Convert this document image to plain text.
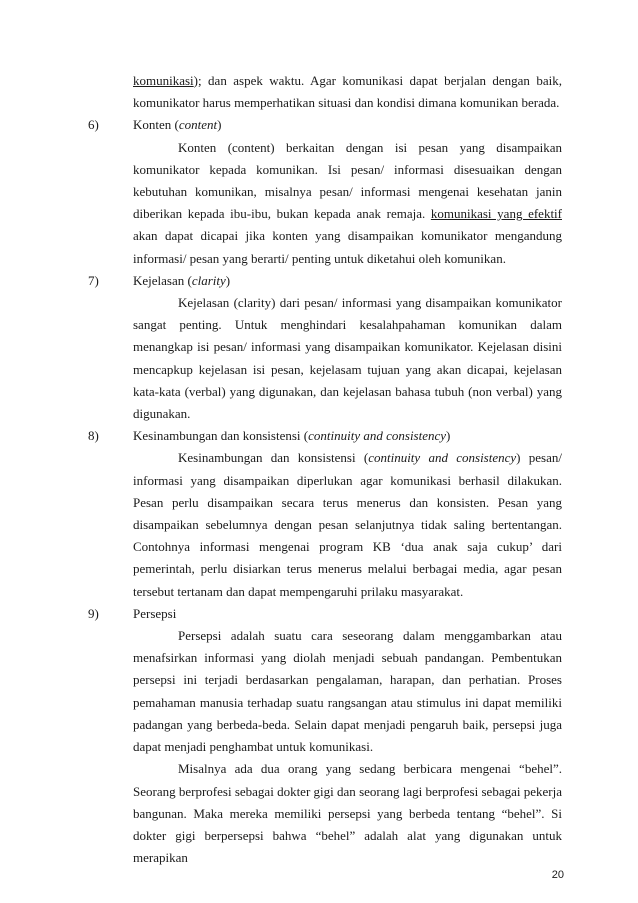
komunikasi); dan aspek waktu. Agar komunikasi dapat berjalan dengan baik, komunikator harus memperhatikan situasi dan kondisi dimana komunikan berada.

6)	Konten (content)

Konten (content) berkaitan dengan isi pesan yang disampaikan komunikator kepada komunikan. Isi pesan/ informasi disesuaikan dengan kebutuhan komunikan, misalnya pesan/ informasi mengenai kesehatan janin diberikan kepada ibu-ibu, bukan kepada anak remaja. komunikasi yang efektif akan dapat dicapai jika konten yang disampaikan komunikator mengandung informasi/ pesan yang berarti/ penting untuk diketahui oleh komunikan.

7)	Kejelasan (clarity)

Kejelasan (clarity) dari pesan/ informasi yang disampaikan komunikator sangat penting. Untuk menghindari kesalahpahaman komunikan dalam menangkap isi pesan/ informasi yang disampaikan komunikator. Kejelasan disini mencapkup kejelasan isi pesan, kejelasam tujuan yang akan dicapai, kejelasan kata-kata (verbal) yang digunakan, dan kejelasan bahasa tubuh (non verbal) yang digunakan.

8)	Kesinambungan dan konsistensi (continuity and consistency)

Kesinambungan dan konsistensi (continuity and consistency) pesan/ informasi yang disampaikan diperlukan agar komunikasi berhasil dilakukan. Pesan perlu disampaikan secara terus menerus dan konsisten. Pesan yang disampaikan sebelumnya dengan pesan selanjutnya tidak saling bertentangan. Contohnya informasi mengenai program KB ‘dua anak saja cukup’ dari pemerintah, perlu disiarkan terus menerus melalui berbagai media, agar pesan tersebut tertanam dan dapat mempengaruhi prilaku masyarakat.

9)	Persepsi

Persepsi adalah suatu cara seseorang dalam menggambarkan atau menafsirkan informasi yang diolah menjadi sebuah pandangan. Pembentukan persepsi ini terjadi berdasarkan pengalaman, harapan, dan perhatian. Proses pemahaman manusia terhadap suatu rangsangan atau stimulus ini dapat memiliki padangan yang berbeda-beda. Selain dapat menjadi pengaruh baik, persepsi juga dapat menjadi penghambat untuk komunikasi.

Misalnya ada dua orang yang sedang berbicara mengenai “behel”. Seorang berprofesi sebagai dokter gigi dan seorang lagi berprofesi sebagai pekerja bangunan. Maka mereka memiliki persepsi yang berbeda tentang “behel”. Si dokter gigi berpersepsi bahwa “behel” adalah alat yang digunakan untuk merapikan

20
